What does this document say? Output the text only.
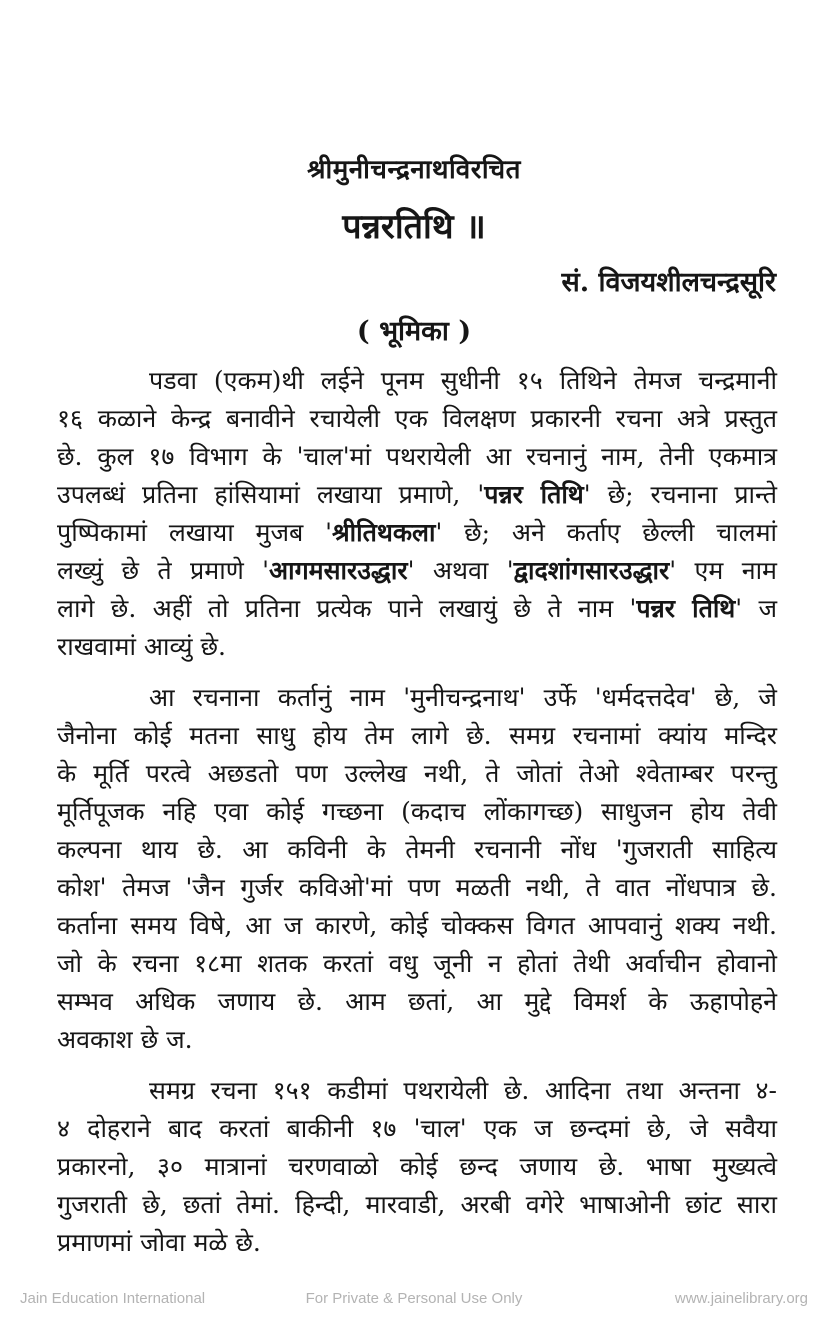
श्रीमुनीचन्द्रनाथविरचित
पन्नरतिथि ॥
सं. विजयशीलचन्द्रसूरि
( भूमिका )
पडवा (एकम)थी लईने पूनम सुधीनी १५ तिथिने तेमज चन्द्रमानी
१६ कळाने केन्द्र बनावीने रचायेली एक विलक्षण प्रकारनी रचना अत्रे प्रस्तुत
छे. कुल १७ विभाग के 'चाल'मां पथरायेली आ रचनानुं नाम, तेनी एकमात्र
उपलब्धं प्रतिना हांसियामां लखाया प्रमाणे, 'पन्नर तिथि' छे; रचनाना प्रान्ते
पुष्पिकामां लखाया मुजब 'श्रीतिथकला' छे; अने कर्ताए छेल्ली चालमां
लख्युं छे ते प्रमाणे 'आगमसारउद्धार' अथवा 'द्वादशांगसारउद्धार' एम नाम
लागे छे. अहीं तो प्रतिना प्रत्येक पाने लखायुं छे ते नाम 'पन्नर तिथि' ज
राखवामां आव्युं छे.
आ रचनाना कर्तानुं नाम 'मुनीचन्द्रनाथ' उर्फे 'धर्मदत्तदेव' छे, जे
जैनोना कोई मतना साधु होय तेम लागे छे. समग्र रचनामां क्यांय मन्दिर
के मूर्ति परत्वे अछडतो पण उल्लेख नथी, ते जोतां तेओ श्वेताम्बर परन्तु
मूर्तिपूजक नहि एवा कोई गच्छना (कदाच लोंकागच्छ) साधुजन होय तेवी
कल्पना थाय छे. आ कविनी के तेमनी रचनानी नोंध 'गुजराती साहित्य
कोश' तेमज 'जैन गुर्जर कविओ'मां पण मळती नथी, ते वात नोंधपात्र छे.
कर्ताना समय विषे, आ ज कारणे, कोई चोक्कस विगत आपवानुं शक्य नथी.
जो के रचना १८मा शतक करतां वधु जूनी न होतां तेथी अर्वाचीन होवानो
सम्भव अधिक जणाय छे. आम छतां, आ मुद्दे विमर्श के ऊहापोहने
अवकाश छे ज.
समग्र रचना १५१ कडीमां पथरायेली छे. आदिना तथा अन्तना ४-
४ दोहराने बाद करतां बाकीनी १७ 'चाल' एक ज छन्दमां छे, जे सवैया
प्रकारनो, ३० मात्रानां चरणवाळो कोई छन्द जणाय छे. भाषा मुख्यत्वे
गुजराती छे, छतां तेमां. हिन्दी, मारवाडी, अरबी वगेरे भाषाओनी छांट सारा
प्रमाणमां जोवा मळे छे.
Jain Education International	For Private & Personal Use Only	www.jainelibrary.org
